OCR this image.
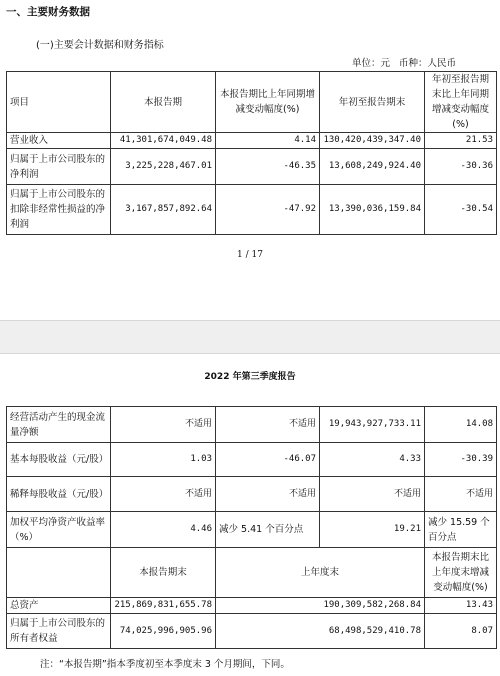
一、主要财务数据
(一)主要会计数据和财务指标
单位：元   币种：人民币
项目	本报告期	本报告期比上年同期增减变动幅度(%)	年初至报告期末	年初至报告期末比上年同期增减变动幅度(%)
营业收入	41,301,674,049.48	4.14	130,420,439,347.40	21.53
归属于上市公司股东的净利润	3,225,228,467.01	-46.35	13,608,249,924.40	-30.36
归属于上市公司股东的扣除非经常性损益的净利润	3,167,857,892.64	-47.92	13,390,036,159.84	-30.54
1 / 17
2022 年第三季度报告
经营活动产生的现金流量净额	不适用	不适用	19,943,927,733.11	14.08
基本每股收益（元/股）	1.03	-46.07	4.33	-30.39
稀释每股收益（元/股）	不适用	不适用	不适用	不适用
加权平均净资产收益率（%）	4.46	减少 5.41 个百分点	19.21	减少 15.59 个百分点
	本报告期末	上年度末		本报告期末比上年度末增减变动幅度(%)
总资产	215,869,831,655.78	190,309,582,268.84		13.43
归属于上市公司股东的所有者权益	74,025,996,905.96	68,498,529,410.78		8.07
注：“本报告期”指本季度初至本季度末 3 个月期间，下同。
